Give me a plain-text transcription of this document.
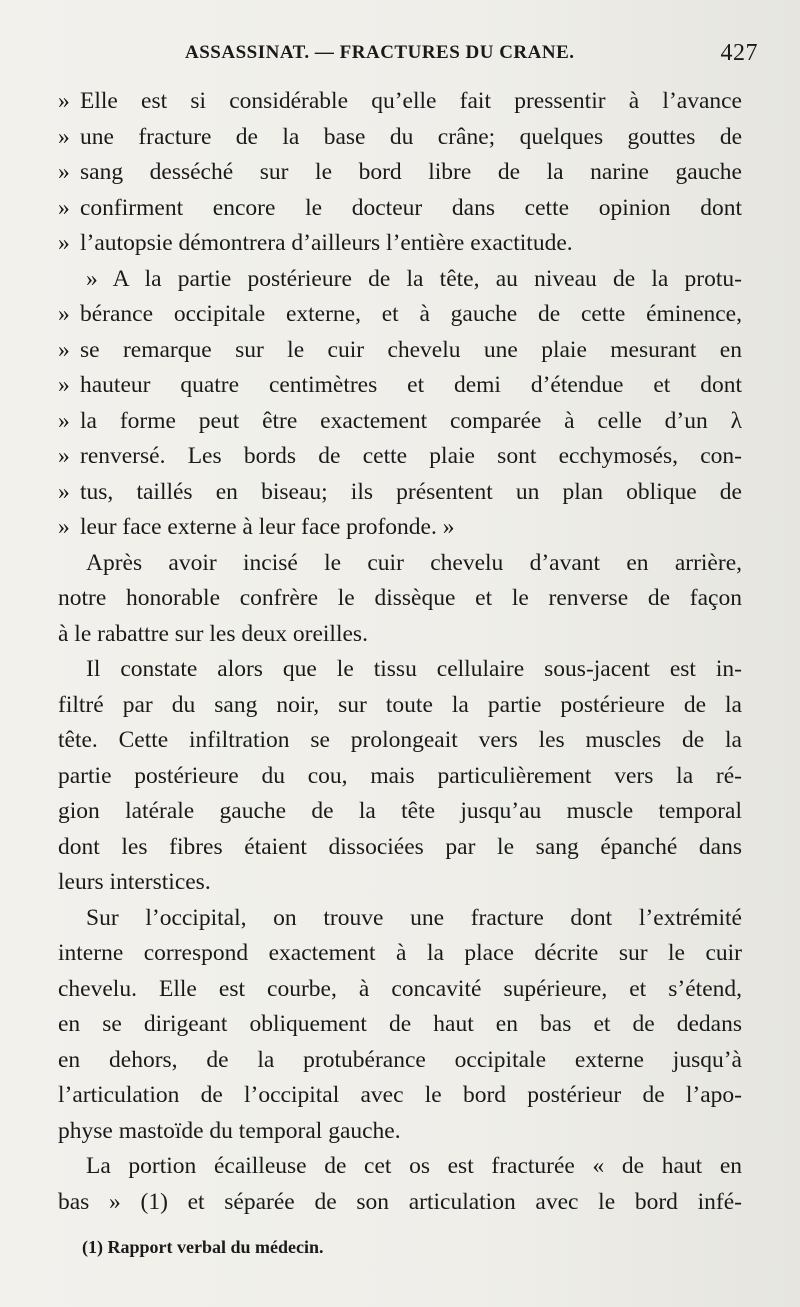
ASSASSINAT. — FRACTURES DU CRANE.	427
» Elle est si considérable qu’elle fait pressentir à l’avance
» une fracture de la base du crâne; quelques gouttes de
» sang desséché sur le bord libre de la narine gauche
» confirment encore le docteur dans cette opinion dont
» l’autopsie démontrera d’ailleurs l’entière exactitude.
» A la partie postérieure de la tête, au niveau de la protu-
» bérance occipitale externe, et à gauche de cette éminence,
» se remarque sur le cuir chevelu une plaie mesurant en
» hauteur quatre centimètres et demi d’étendue et dont
» la forme peut être exactement comparée à celle d’un λ
» renversé. Les bords de cette plaie sont ecchymosés, con-
» tus, taillés en biseau; ils présentent un plan oblique de
» leur face externe à leur face profonde. »
Après avoir incisé le cuir chevelu d’avant en arrière,
notre honorable confrère le dissèque et le renverse de façon
à le rabattre sur les deux oreilles.
Il constate alors que le tissu cellulaire sous-jacent est in-
filtré par du sang noir, sur toute la partie postérieure de la
tête. Cette infiltration se prolongeait vers les muscles de la
partie postérieure du cou, mais particulièrement vers la ré-
gion latérale gauche de la tête jusqu’au muscle temporal
dont les fibres étaient dissociées par le sang épanché dans
leurs interstices.
Sur l’occipital, on trouve une fracture dont l’extrémité
interne correspond exactement à la place décrite sur le cuir
chevelu. Elle est courbe, à concavité supérieure, et s’étend,
en se dirigeant obliquement de haut en bas et de dedans
en dehors, de la protubérance occipitale externe jusqu’à
l’articulation de l’occipital avec le bord postérieur de l’apo-
physe mastoïde du temporal gauche.
La portion écailleuse de cet os est fracturée « de haut en
bas » (1) et séparée de son articulation avec le bord infé-
(1) Rapport verbal du médecin.
